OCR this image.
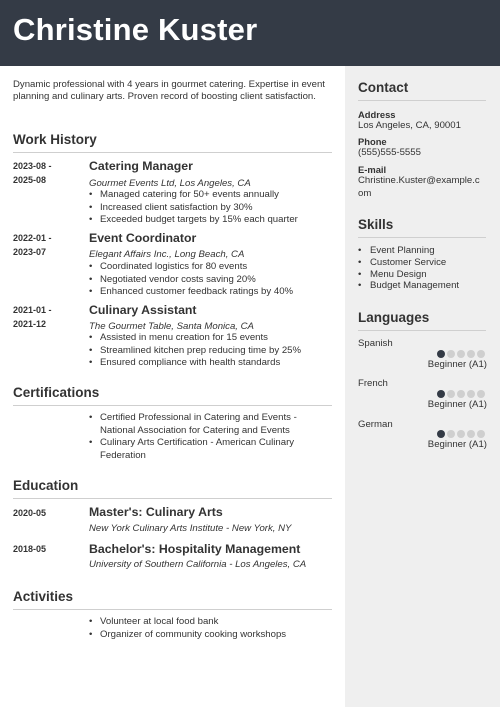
Christine Kuster

Dynamic professional with 4 years in gourmet catering. Expertise in event planning and culinary arts. Proven record of boosting client satisfaction.

Work History
2023-08 -
2025-08
Catering Manager
Gourmet Events Ltd, Los Angeles, CA
• Managed catering for 50+ events annually
• Increased client satisfaction by 30%
• Exceeded budget targets by 15% each quarter
2022-01 -
2023-07
Event Coordinator
Elegant Affairs Inc., Long Beach, CA
• Coordinated logistics for 80 events
• Negotiated vendor costs saving 20%
• Enhanced customer feedback ratings by 40%
2021-01 -
2021-12
Culinary Assistant
The Gourmet Table, Santa Monica, CA
• Assisted in menu creation for 15 events
• Streamlined kitchen prep reducing time by 25%
• Ensured compliance with health standards
Certifications
• Certified Professional in Catering and Events - National Association for Catering and Events
• Culinary Arts Certification - American Culinary Federation
Education
2020-05	Master's: Culinary Arts
New York Culinary Arts Institute - New York, NY
2018-05	Bachelor's: Hospitality Management
University of Southern California - Los Angeles, CA
Activities
• Volunteer at local food bank
• Organizer of community cooking workshops
Contact
Address
Los Angeles, CA, 90001
Phone
(555)555-5555
E-mail
Christine.Kuster@example.c
om
Skills
• Event Planning
• Customer Service
• Menu Design
• Budget Management
Languages
Spanish
Beginner (A1)
French
Beginner (A1)
German
Beginner (A1)
